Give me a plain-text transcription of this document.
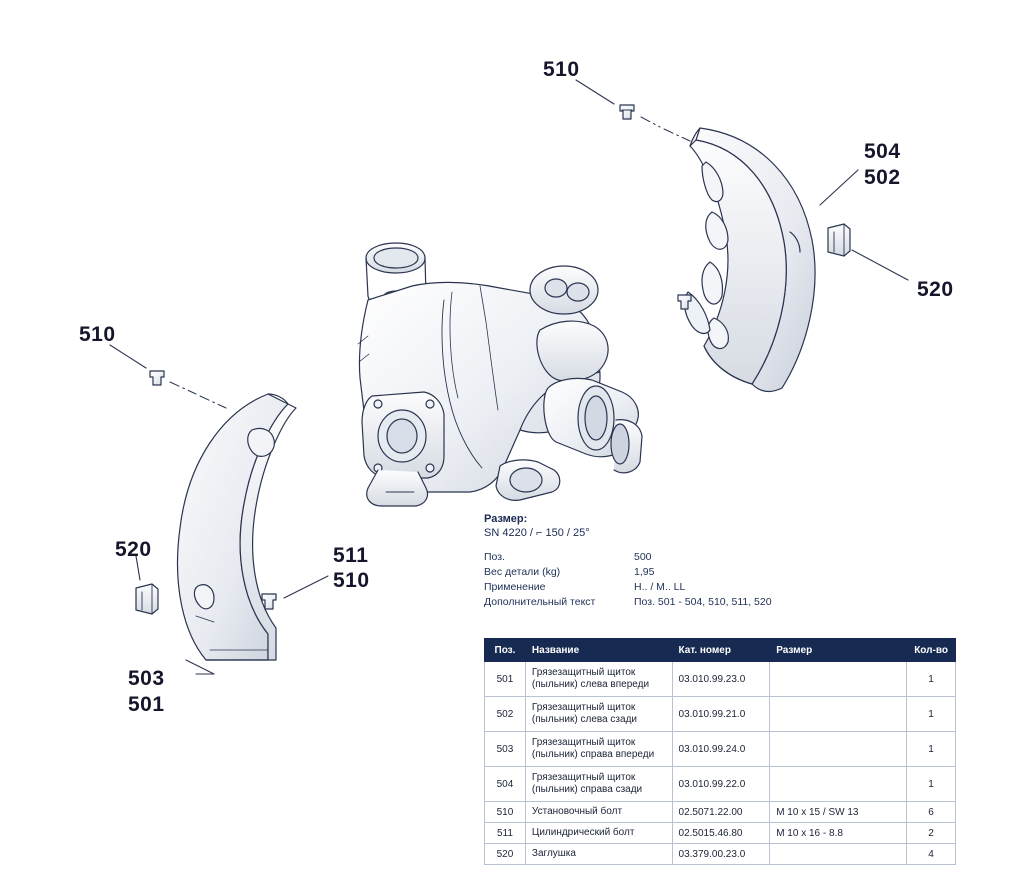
510
504
502
520
510
520	511
510
503
501
Размер:
SN 4220 / ⌐ 150 / 25°
Поз.	500
Вес детали (kg)	1,95
Применение	H.. / M.. LL
Дополнительный текст	Поз. 501 - 504, 510, 511, 520
Поз.	Название	Кат. номер	Размер	Кол-во
501	Грязезащитный щиток (пыльник) слева впереди	03.010.99.23.0		1
502	Грязезащитный щиток (пыльник) слева сзади	03.010.99.21.0		1
503	Грязезащитный щиток (пыльник) справа впереди	03.010.99.24.0		1
504	Грязезащитный щиток (пыльник) справа сзади	03.010.99.22.0		1
510	Установочный болт	02.5071.22.00	M 10 x 15 / SW 13	6
511	Цилиндрический болт	02.5015.46.80	M 10 x 16 - 8.8	2
520	Заглушка	03.379.00.23.0		4
